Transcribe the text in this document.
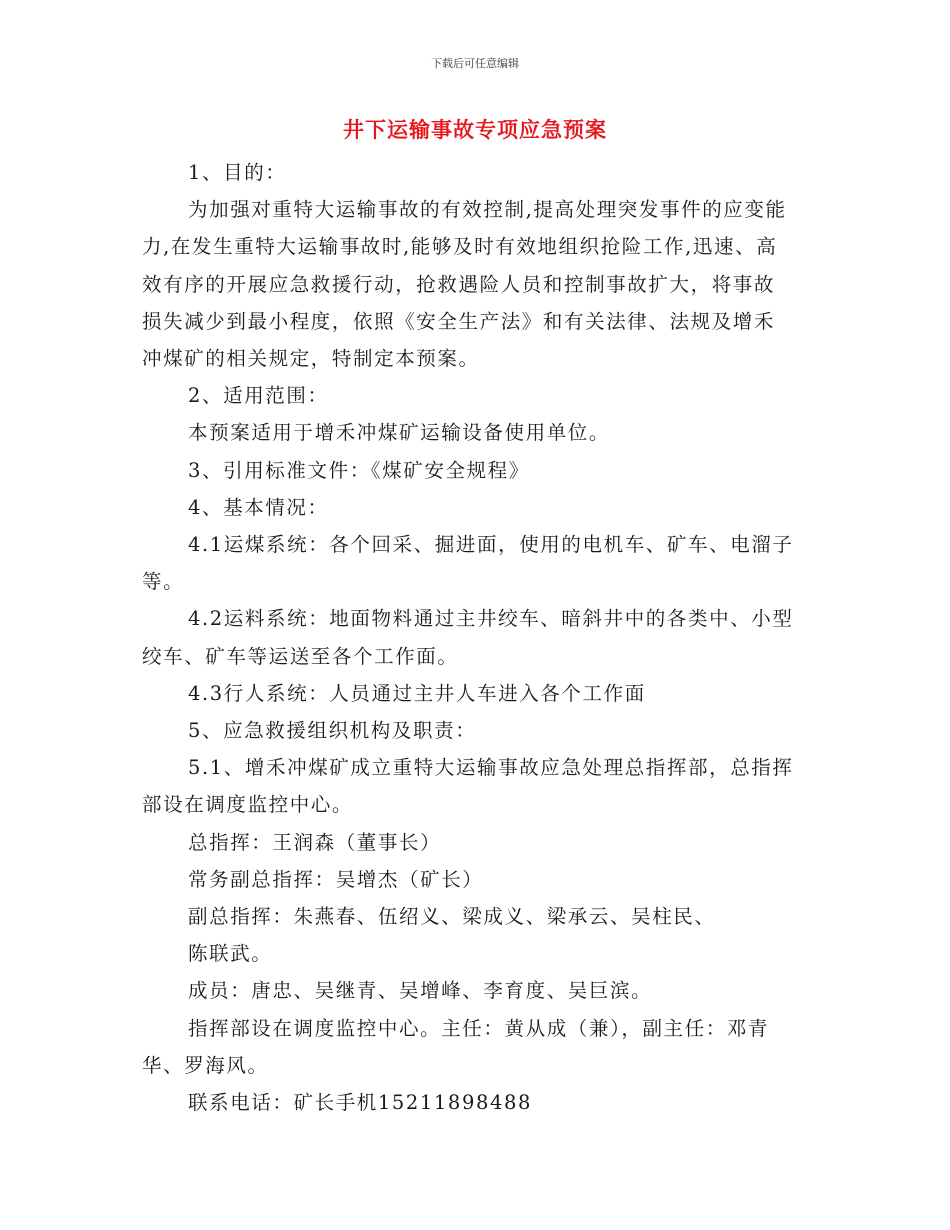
下载后可任意编辑
井下运输事故专项应急预案

1、目的：

为加强对重特大运输事故的有效控制,提高处理突发事件的应变能

力,在发生重特大运输事故时,能够及时有效地组织抢险工作,迅速、高

效有序的开展应急救援行动，抢救遇险人员和控制事故扩大，将事故

损失减少到最小程度，依照《安全生产法》和有关法律、法规及增禾

冲煤矿的相关规定，特制定本预案。

2、适用范围：

本预案适用于增禾冲煤矿运输设备使用单位。

3、引用标准文件：《煤矿安全规程》

4、基本情况：

4.1运煤系统：各个回采、掘进面，使用的电机车、矿车、电溜子

等。

4.2运料系统：地面物料通过主井绞车、暗斜井中的各类中、小型

绞车、矿车等运送至各个工作面。

4.3行人系统：人员通过主井人车进入各个工作面

5、应急救援组织机构及职责：

5.1、增禾冲煤矿成立重特大运输事故应急处理总指挥部，总指挥

部设在调度监控中心。

总指挥：王润森（董事长）

常务副总指挥：吴增杰（矿长）

副总指挥：朱燕春、伍绍义、梁成义、梁承云、吴柱民、

陈联武。

成员：唐忠、吴继青、吴增峰、李育度、吴巨滨。

指挥部设在调度监控中心。主任：黄从成（兼），副主任：邓青

华、罗海风。

联系电话：矿长手机15211898488
